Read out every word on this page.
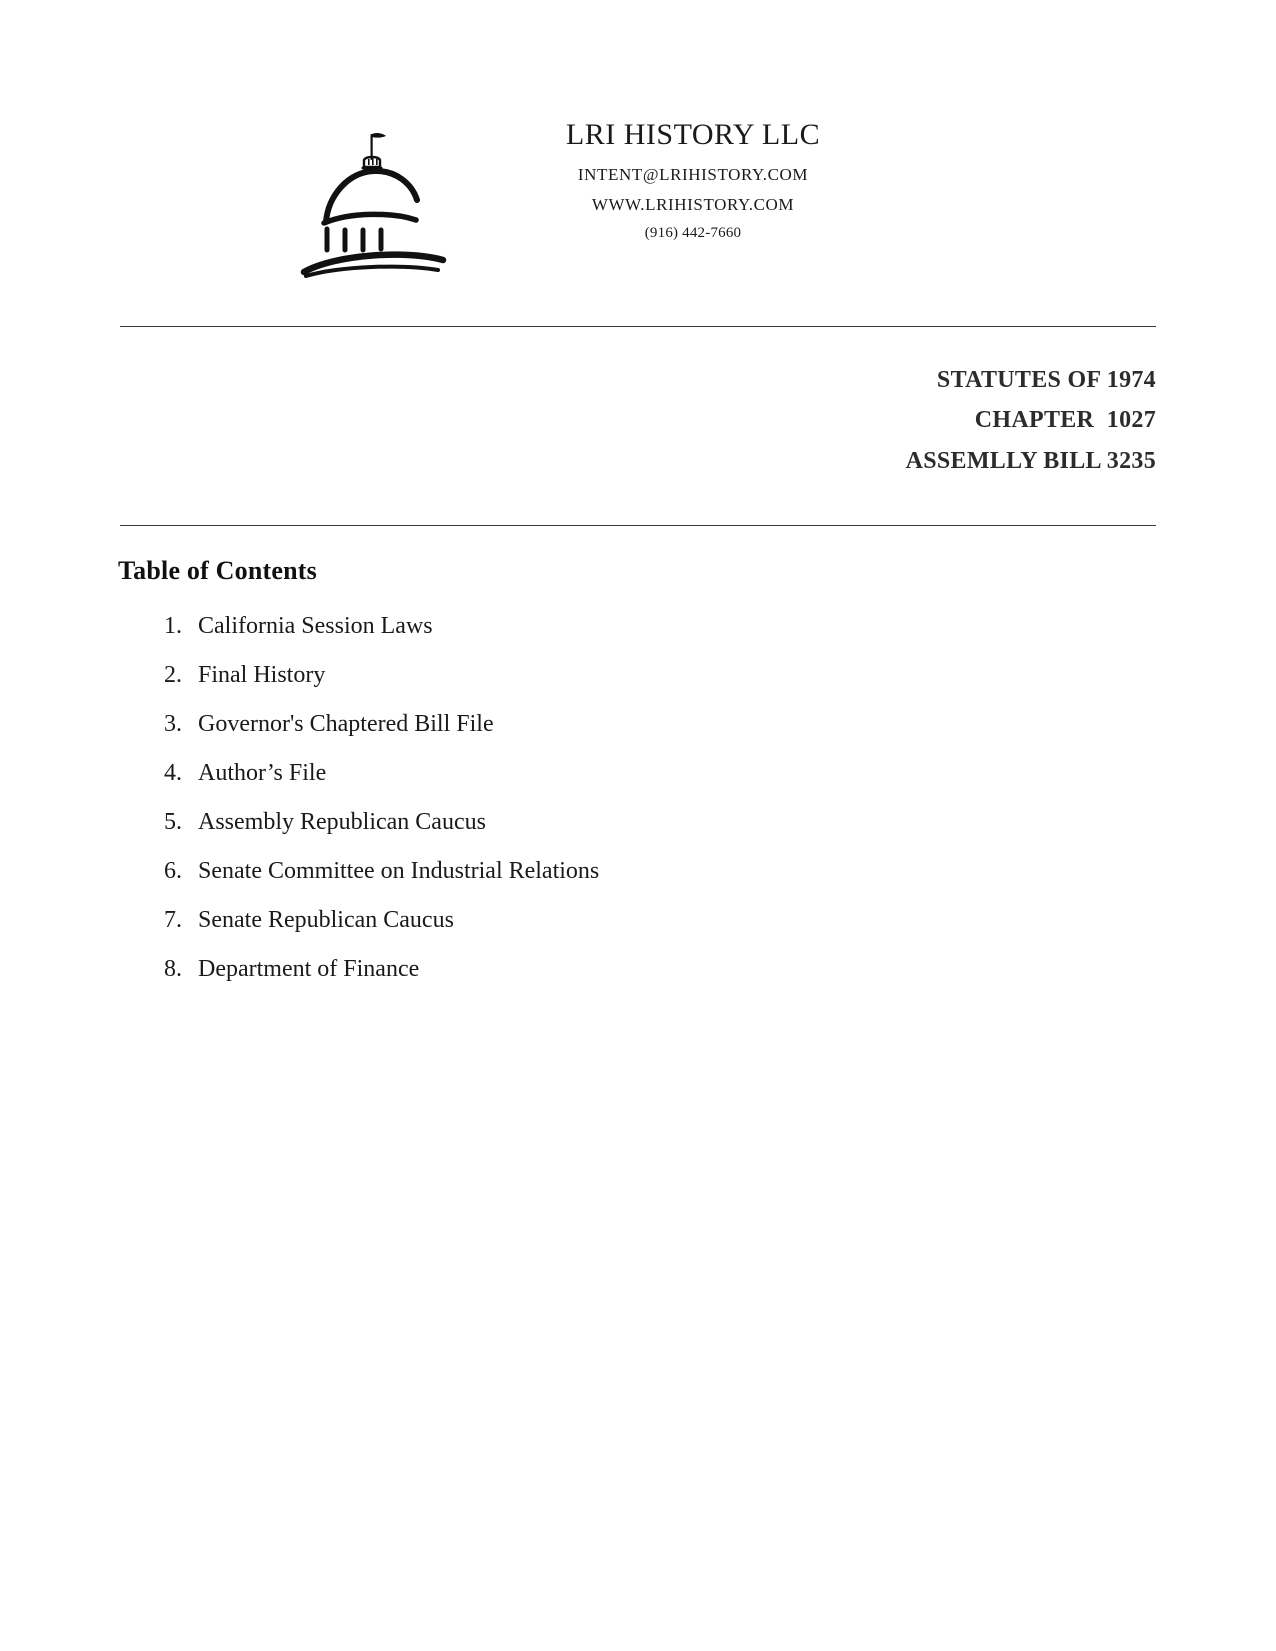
LRI HISTORY LLC
INTENT@LRIHISTORY.COM
WWW.LRIHISTORY.COM
(916) 442-7660
STATUTES OF 1974
CHAPTER  1027
ASSEMLLY BILL 3235
Table of Contents
1. California Session Laws
2. Final History
3. Governor's Chaptered Bill File
4. Author’s File
5. Assembly Republican Caucus
6. Senate Committee on Industrial Relations
7. Senate Republican Caucus
8. Department of Finance
